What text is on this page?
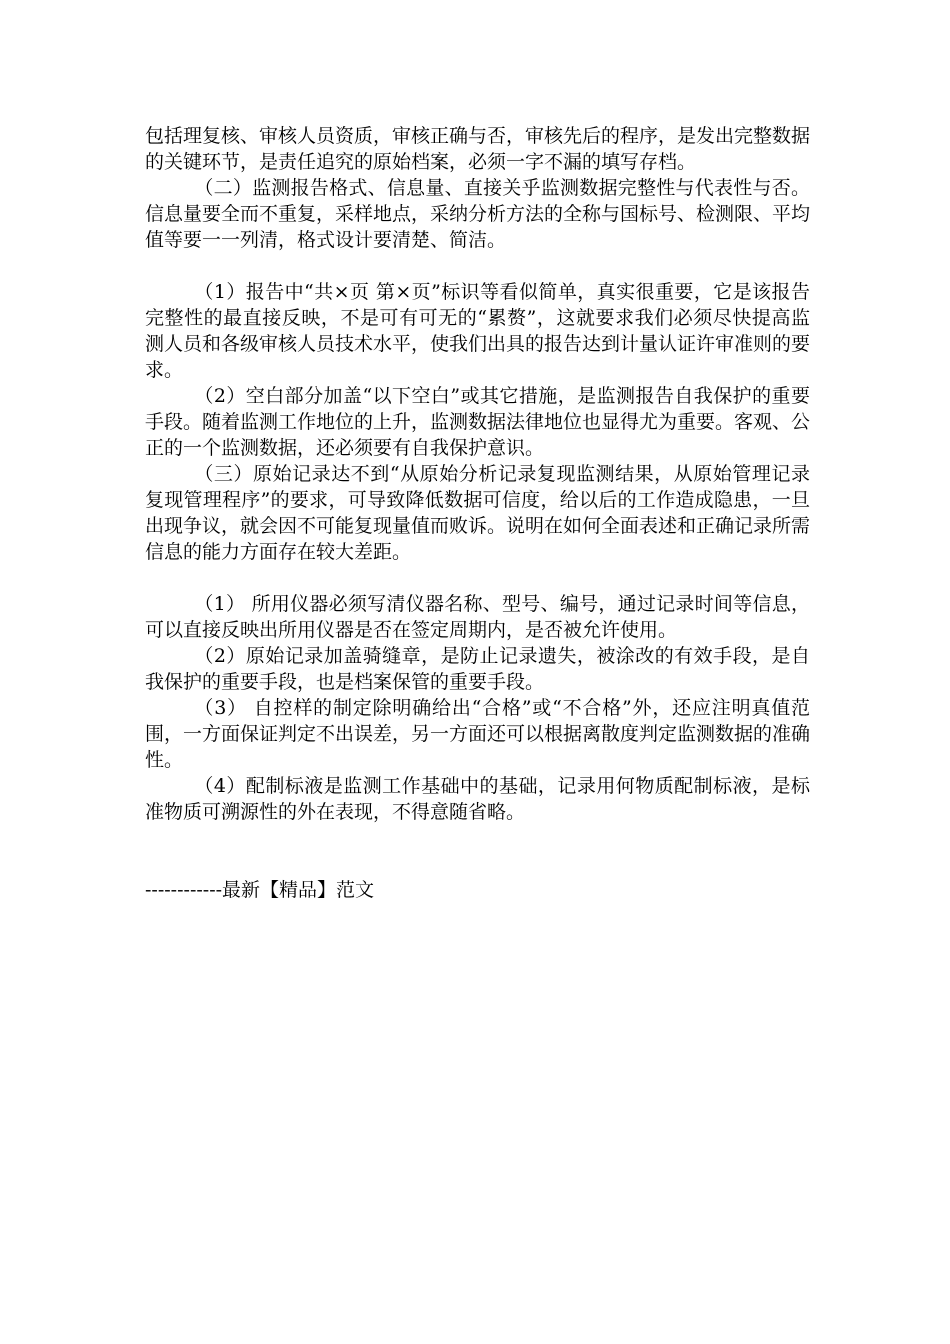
包括理复核、审核人员资质，审核正确与否，审核先后的程序，是发出完整数据的关键环节，是责任追究的原始档案，必须一字不漏的填写存档。

（二）监测报告格式、信息量、直接关乎监测数据完整性与代表性与否。信息量要全而不重复，采样地点，采纳分析方法的全称与国标号、检测限、平均值等要一一列清，格式设计要清楚、简洁。

（1）报告中“共×页 第×页”标识等看似简单，真实很重要，它是该报告完整性的最直接反映，不是可有可无的“累赘”，这就要求我们必须尽快提高监测人员和各级审核人员技术水平，使我们出具的报告达到计量认证许审准则的要求。

（2）空白部分加盖“以下空白”或其它措施，是监测报告自我保护的重要手段。随着监测工作地位的上升，监测数据法律地位也显得尤为重要。客观、公正的一个监测数据，还必须要有自我保护意识。

（三）原始记录达不到“从原始分析记录复现监测结果，从原始管理记录复现管理程序”的要求，可导致降低数据可信度，给以后的工作造成隐患，一旦出现争议，就会因不可能复现量值而败诉。说明在如何全面表述和正确记录所需信息的能力方面存在较大差距。

（1） 所用仪器必须写清仪器名称、型号、编号，通过记录时间等信息，可以直接反映出所用仪器是否在签定周期内，是否被允许使用。

（2）原始记录加盖骑缝章，是防止记录遗失，被涂改的有效手段，是自我保护的重要手段，也是档案保管的重要手段。

（3） 自控样的制定除明确给出“合格”或“不合格”外，还应注明真值范围，一方面保证判定不出误差，另一方面还可以根据离散度判定监测数据的准确性。

（4）配制标液是监测工作基础中的基础，记录用何物质配制标液，是标准物质可溯源性的外在表现，不得意随省略。

------------最新【精品】范文
